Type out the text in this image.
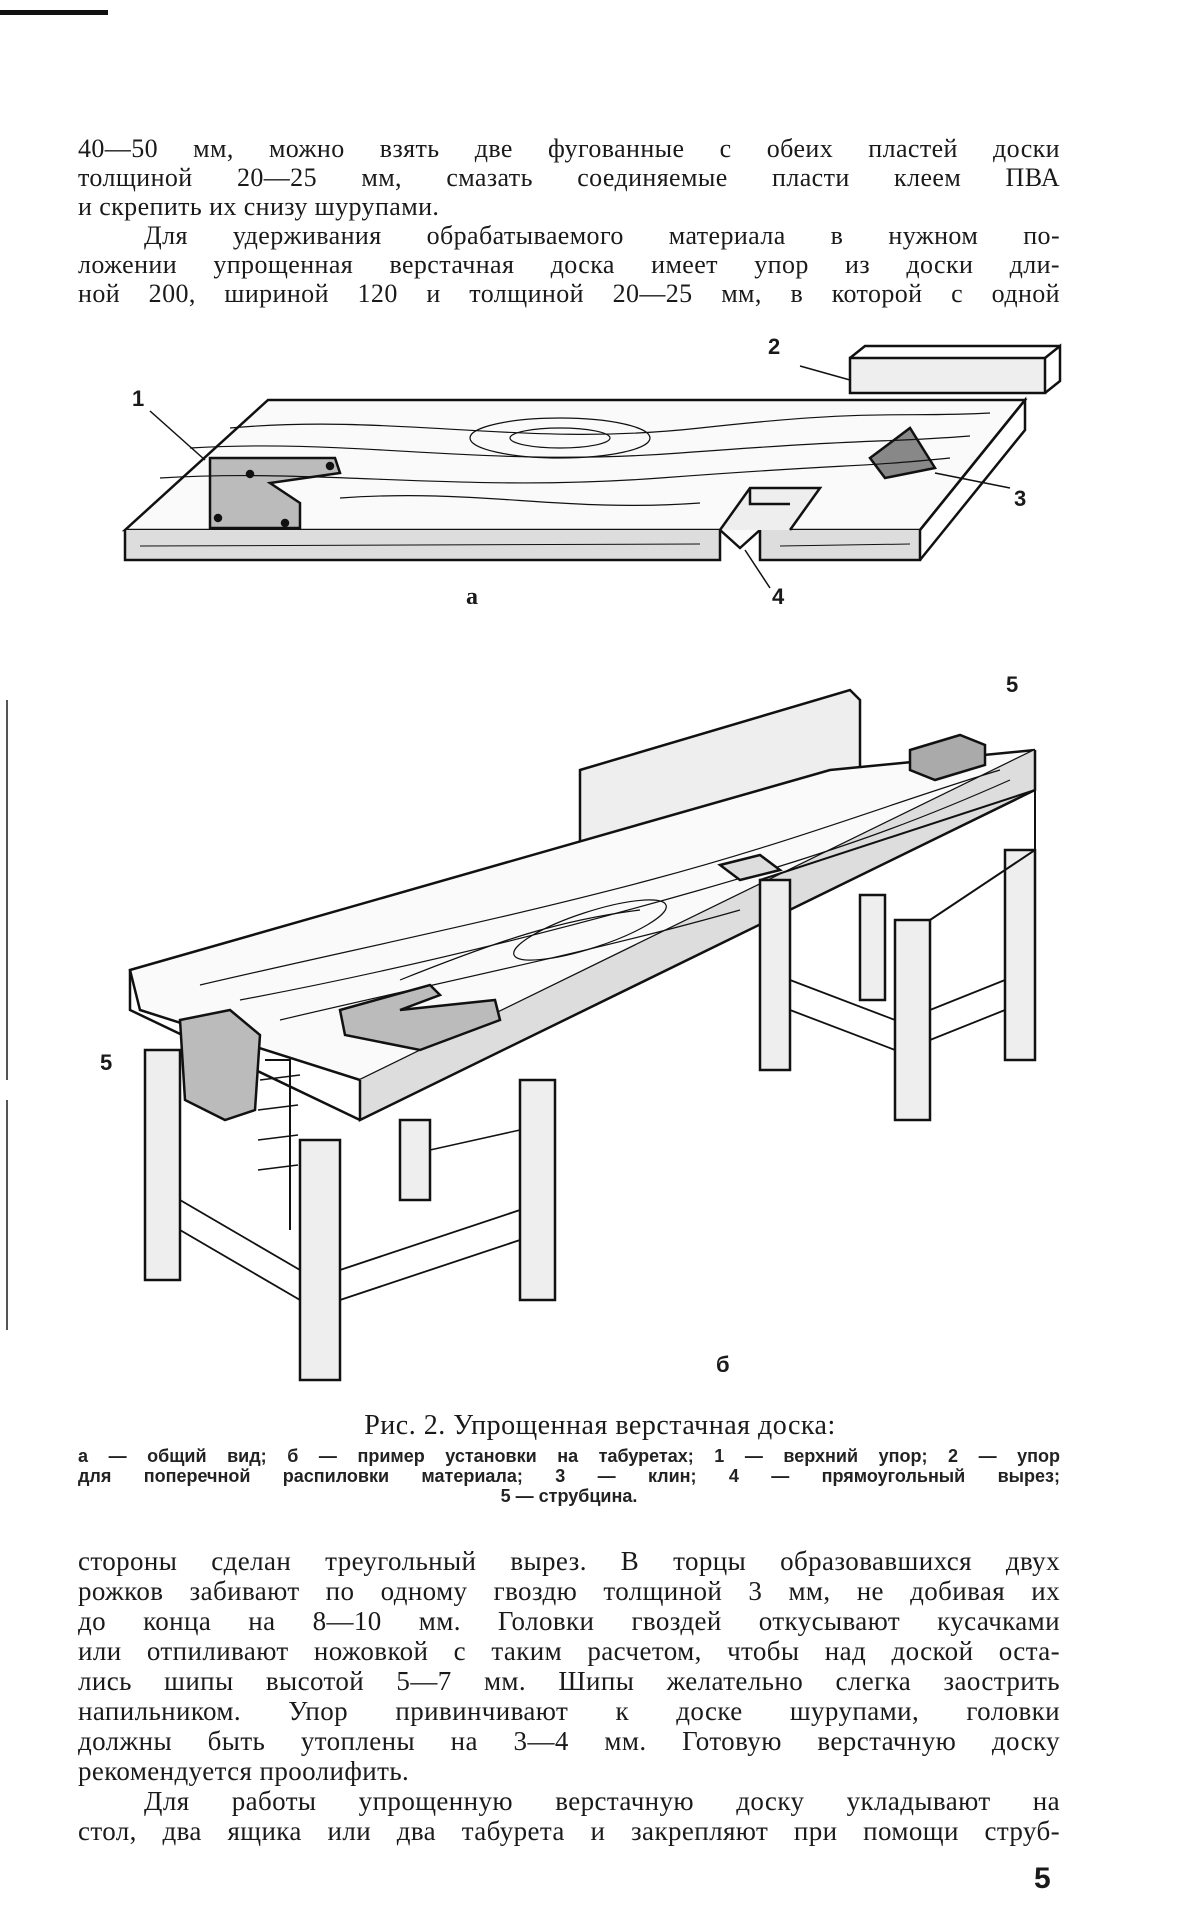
40—50 мм, можно взять две фугованные с обеих пластей доски
толщиной 20—25 мм, смазать соединяемые пласти клеем ПВА
и скрепить их снизу шурупами.
Для удерживания обрабатываемого материала в нужном по-
ложении упрощенная верстачная доска имеет упор из доски дли-
ной 200, шириной 120 и толщиной 20—25 мм, в которой с одной
1
2
3
4
а
5
5
б
Рис. 2. Упрощенная верстачная доска:
а — общий вид; б — пример установки на табуретах; 1 — верхний упор; 2 — упор
для поперечной распиловки материала; 3 — клин; 4 — прямоугольный вырез;
5 — струбцина.
стороны сделан треугольный вырез. В торцы образовавшихся двух
рожков забивают по одному гвоздю толщиной 3 мм, не добивая их
до конца на 8—10 мм. Головки гвоздей откусывают кусачками
или отпиливают ножовкой с таким расчетом, чтобы над доской оста-
лись шипы высотой 5—7 мм. Шипы желательно слегка заострить
напильником. Упор привинчивают к доске шурупами, головки
должны быть утоплены на 3—4 мм. Готовую верстачную доску
рекомендуется проолифить.
Для работы упрощенную верстачную доску укладывают на
стол, два ящика или два табурета и закрепляют при помощи струб-
5
